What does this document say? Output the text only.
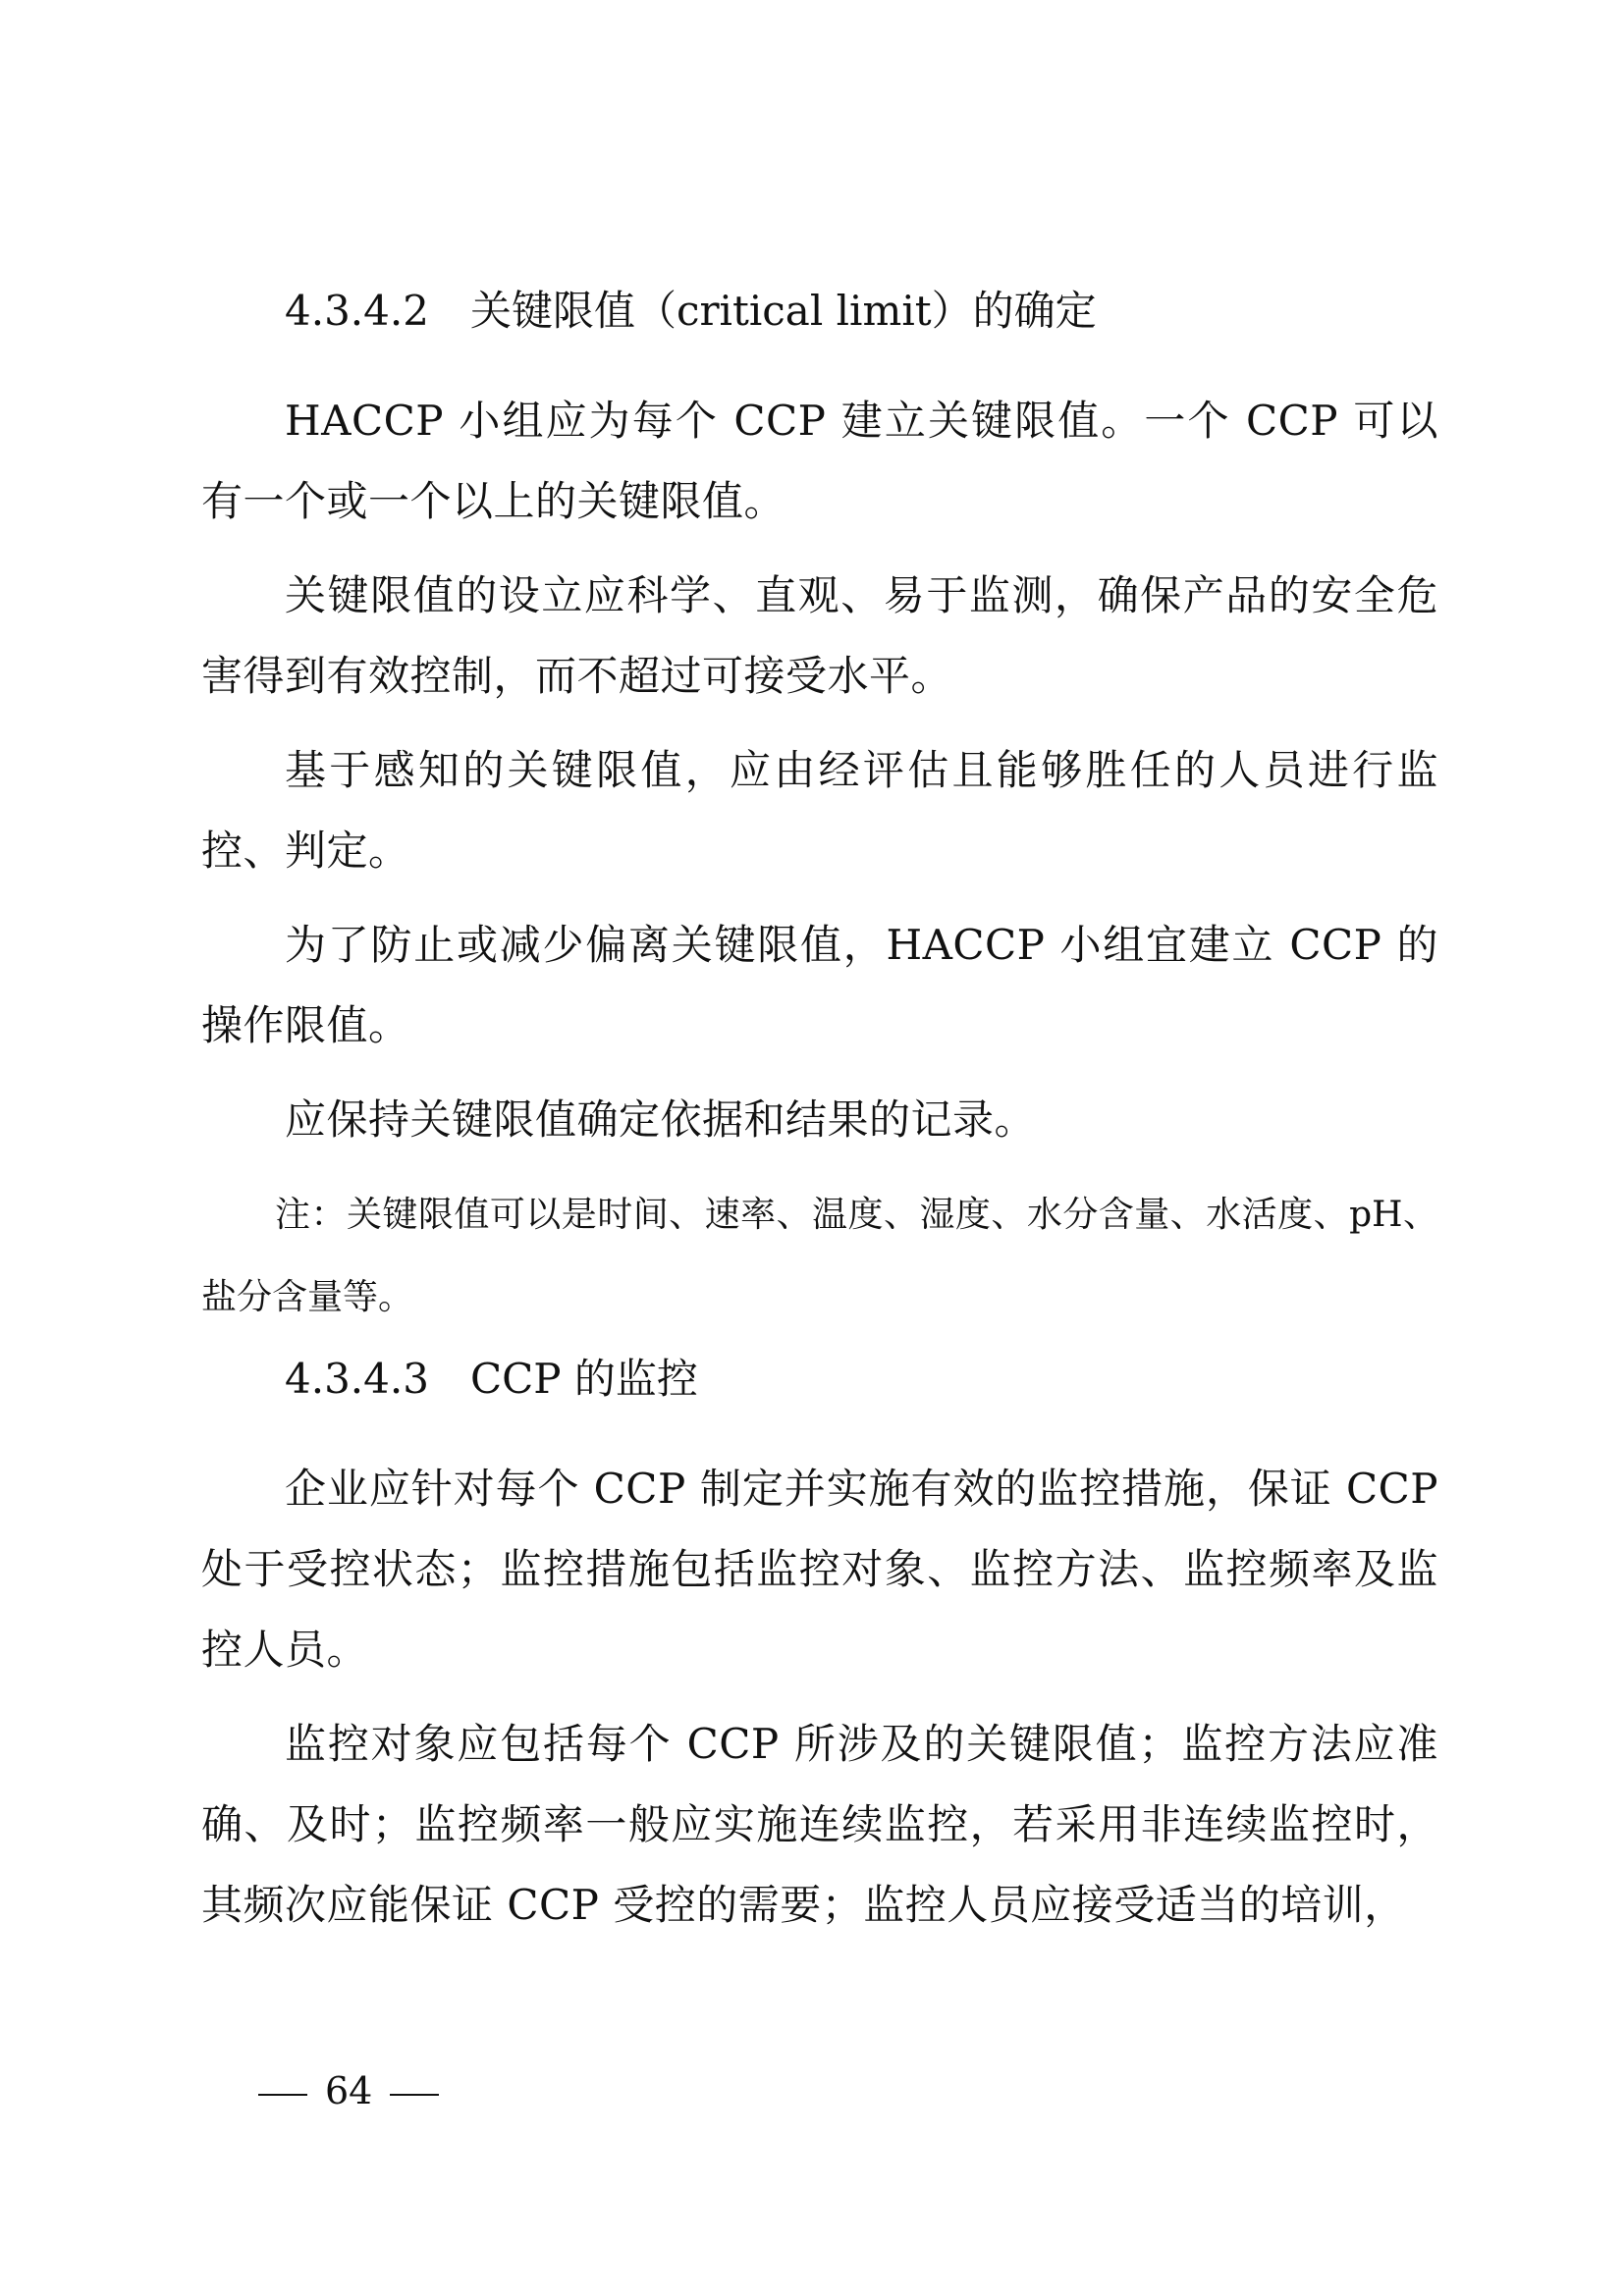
4.3.4.2　关键限值（critical limit）的确定

HACCP 小组应为每个 CCP 建立关键限值。一个 CCP 可以有一个或一个以上的关键限值。

关键限值的设立应科学、直观、易于监测，确保产品的安全危害得到有效控制，而不超过可接受水平。

基于感知的关键限值，应由经评估且能够胜任的人员进行监控、判定。

为了防止或减少偏离关键限值，HACCP 小组宜建立 CCP 的操作限值。

应保持关键限值确定依据和结果的记录。

注：关键限值可以是时间、速率、温度、湿度、水分含量、水活度、pH、盐分含量等。

4.3.4.3　CCP 的监控

企业应针对每个 CCP 制定并实施有效的监控措施，保证 CCP 处于受控状态；监控措施包括监控对象、监控方法、监控频率及监控人员。

监控对象应包括每个 CCP 所涉及的关键限值；监控方法应准确、及时；监控频率一般应实施连续监控，若采用非连续监控时，其频次应能保证 CCP 受控的需要；监控人员应接受适当的培训，

64
